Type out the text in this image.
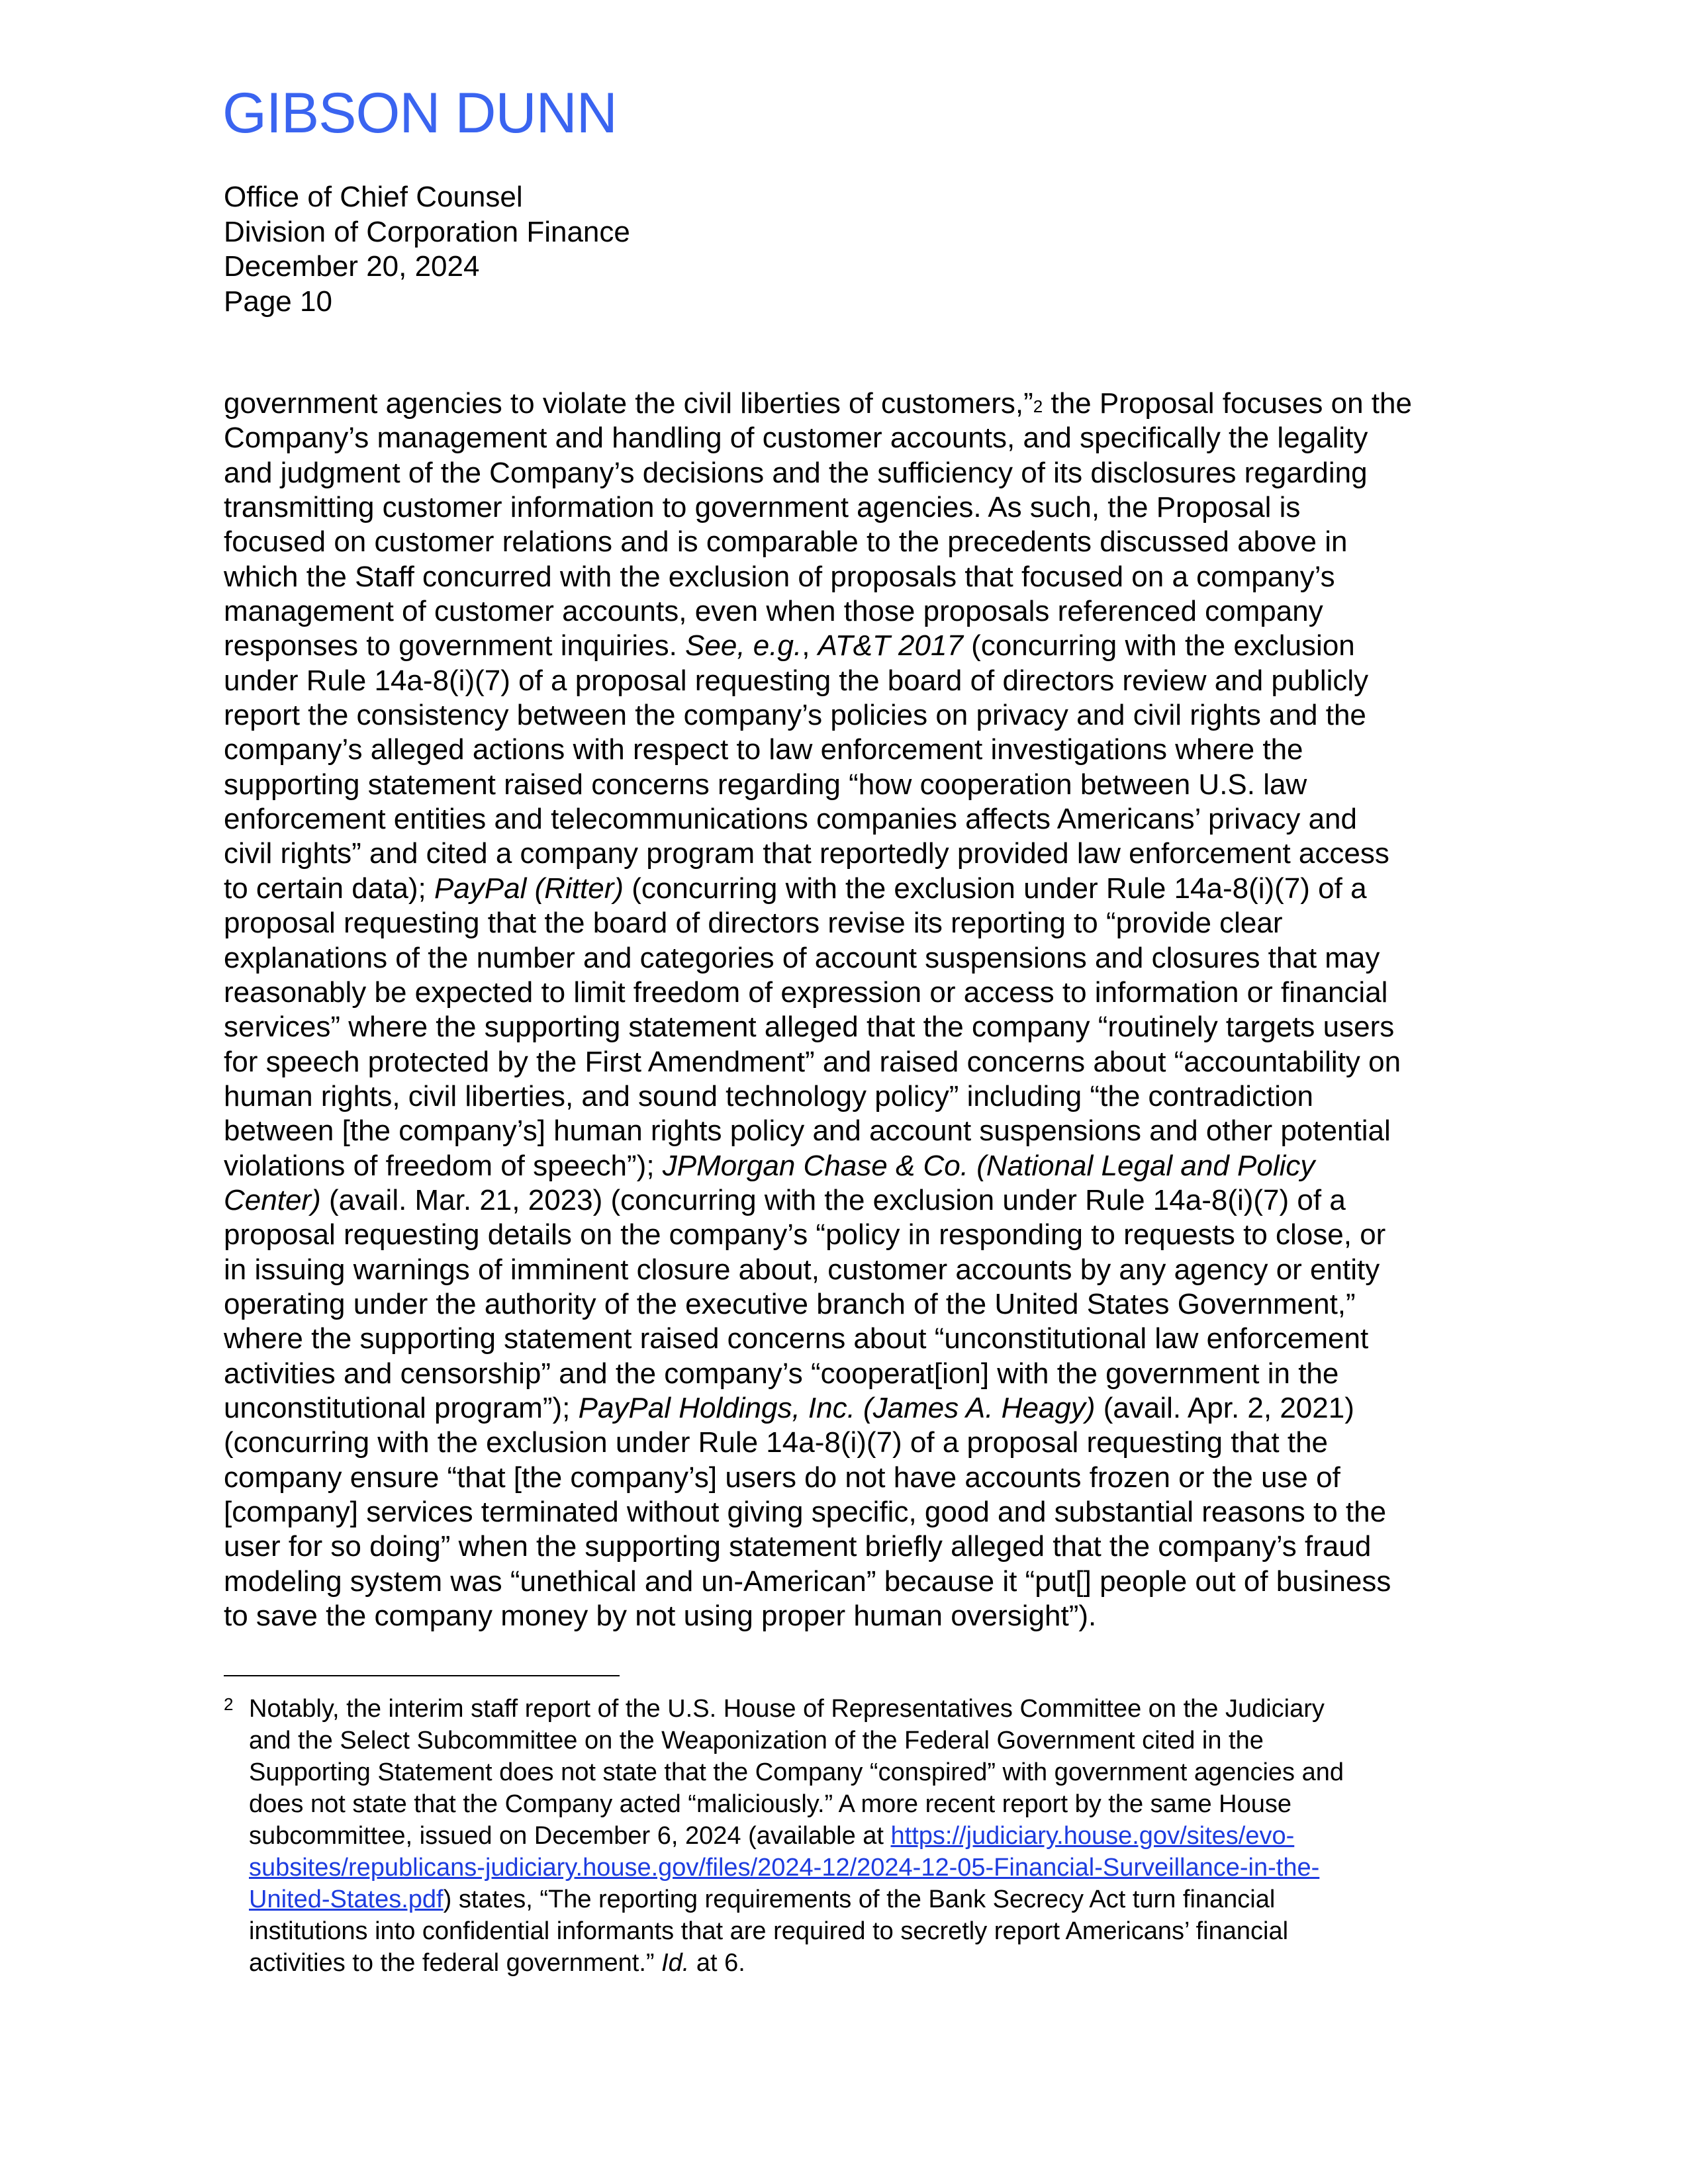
GIBSON DUNN
Office of Chief Counsel
Division of Corporation Finance
December 20, 2024
Page 10
government agencies to violate the civil liberties of customers,”$^2$ the Proposal focuses on the
Company’s management and handling of customer accounts, and specifically the legality
and judgment of the Company’s decisions and the sufficiency of its disclosures regarding
transmitting customer information to government agencies. As such, the Proposal is
focused on customer relations and is comparable to the precedents discussed above in
which the Staff concurred with the exclusion of proposals that focused on a company’s
management of customer accounts, even when those proposals referenced company
responses to government inquiries. See, e.g., AT&T 2017 (concurring with the exclusion
under Rule 14a-8(i)(7) of a proposal requesting the board of directors review and publicly
report the consistency between the company’s policies on privacy and civil rights and the
company’s alleged actions with respect to law enforcement investigations where the
supporting statement raised concerns regarding “how cooperation between U.S. law
enforcement entities and telecommunications companies affects Americans’ privacy and
civil rights” and cited a company program that reportedly provided law enforcement access
to certain data); PayPal (Ritter) (concurring with the exclusion under Rule 14a-8(i)(7) of a
proposal requesting that the board of directors revise its reporting to “provide clear
explanations of the number and categories of account suspensions and closures that may
reasonably be expected to limit freedom of expression or access to information or financial
services” where the supporting statement alleged that the company “routinely targets users
for speech protected by the First Amendment” and raised concerns about “accountability on
human rights, civil liberties, and sound technology policy” including “the contradiction
between [the company’s] human rights policy and account suspensions and other potential
violations of freedom of speech”); JPMorgan Chase & Co. (National Legal and Policy
Center) (avail. Mar. 21, 2023) (concurring with the exclusion under Rule 14a-8(i)(7) of a
proposal requesting details on the company’s “policy in responding to requests to close, or
in issuing warnings of imminent closure about, customer accounts by any agency or entity
operating under the authority of the executive branch of the United States Government,”
where the supporting statement raised concerns about “unconstitutional law enforcement
activities and censorship” and the company’s “cooperat[ion] with the government in the
unconstitutional program”); PayPal Holdings, Inc. (James A. Heagy) (avail. Apr. 2, 2021)
(concurring with the exclusion under Rule 14a-8(i)(7) of a proposal requesting that the
company ensure “that [the company’s] users do not have accounts frozen or the use of
[company] services terminated without giving specific, good and substantial reasons to the
user for so doing” when the supporting statement briefly alleged that the company’s fraud
modeling system was “unethical and un-American” because it “put[] people out of business
to save the company money by not using proper human oversight”).
2 Notably, the interim staff report of the U.S. House of Representatives Committee on the Judiciary
and the Select Subcommittee on the Weaponization of the Federal Government cited in the
Supporting Statement does not state that the Company “conspired” with government agencies and
does not state that the Company acted “maliciously.” A more recent report by the same House
subcommittee, issued on December 6, 2024 (available at https://judiciary.house.gov/sites/evo-
subsites/republicans-judiciary.house.gov/files/2024-12/2024-12-05-Financial-Surveillance-in-the-
United-States.pdf) states, “The reporting requirements of the Bank Secrecy Act turn financial
institutions into confidential informants that are required to secretly report Americans’ financial
activities to the federal government.” Id. at 6.
